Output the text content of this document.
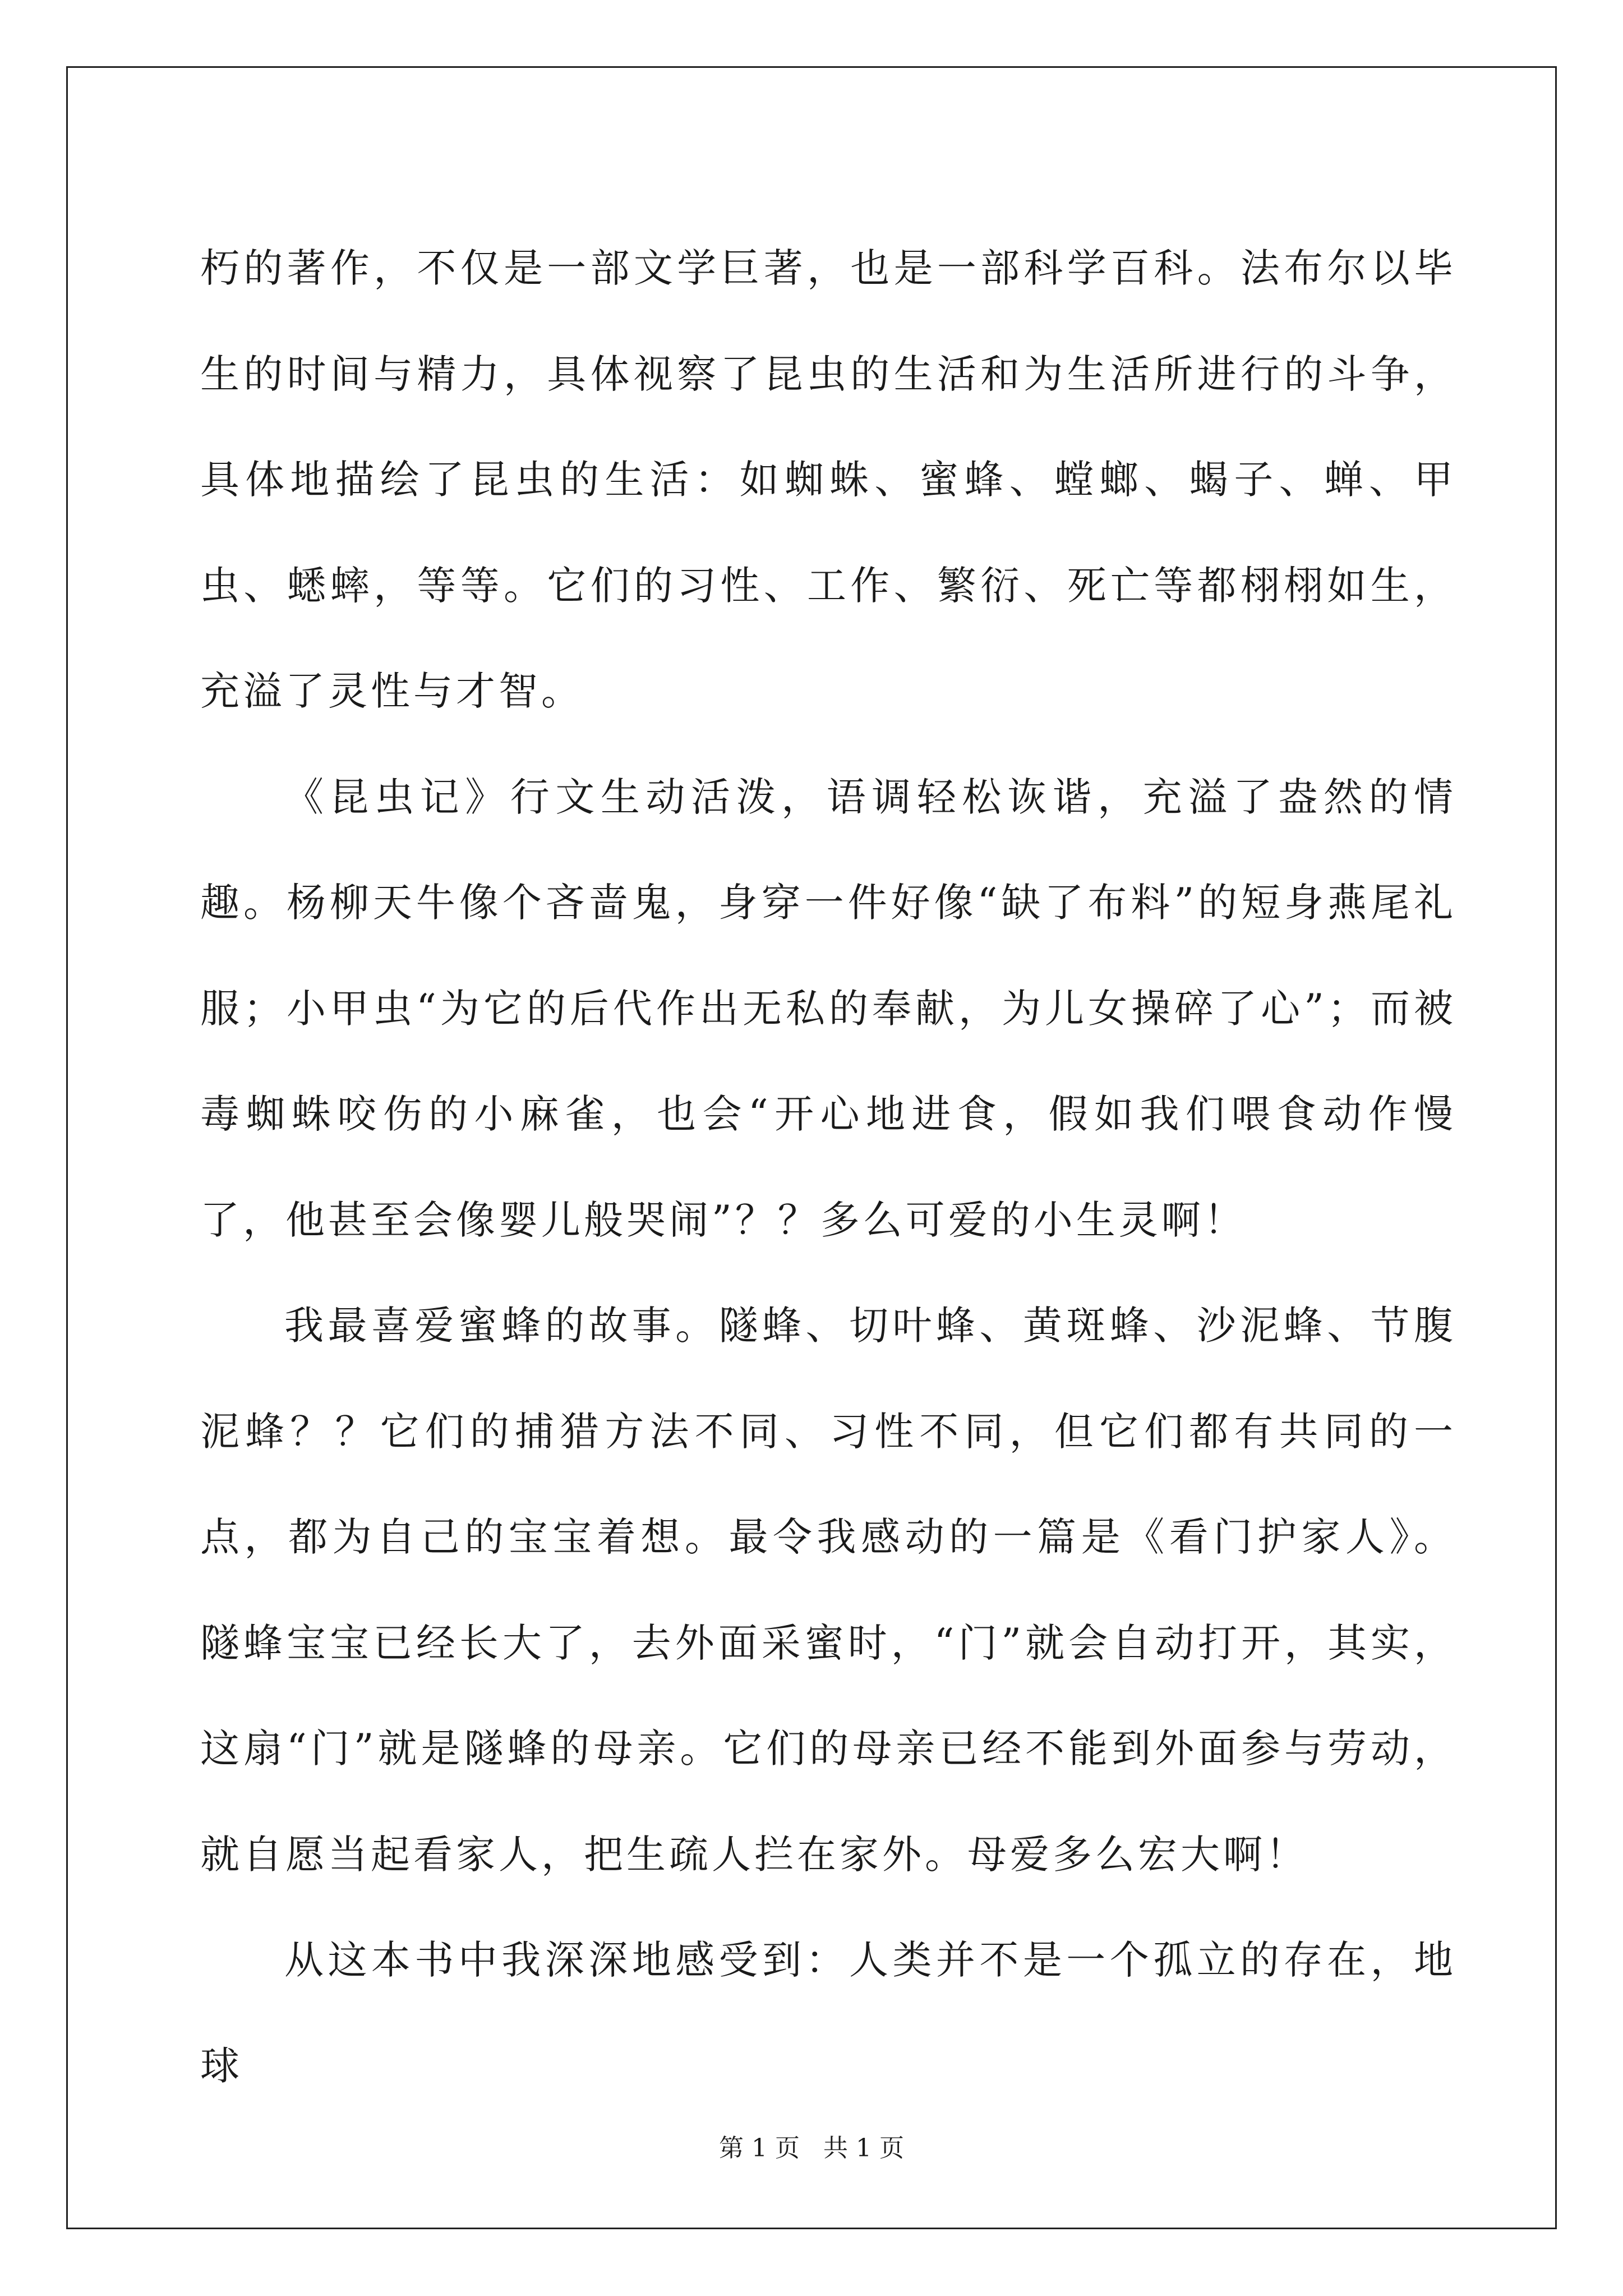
朽的著作，不仅是一部文学巨著，也是一部科学百科。法布尔以毕生的时间与精力，具体视察了昆虫的生活和为生活所进行的斗争，具体地描绘了昆虫的生活：如蜘蛛、蜜蜂、螳螂、蝎子、蝉、甲虫、蟋蟀，等等。它们的习性、工作、繁衍、死亡等都栩栩如生，充溢了灵性与才智。

《昆虫记》行文生动活泼，语调轻松诙谐，充溢了盎然的情趣。杨柳天牛像个吝啬鬼，身穿一件好像“缺了布料”的短身燕尾礼服；小甲虫“为它的后代作出无私的奉献，为儿女操碎了心”；而被毒蜘蛛咬伤的小麻雀，也会“开心地进食，假如我们喂食动作慢了，他甚至会像婴儿般哭闹”？？多么可爱的小生灵啊！

我最喜爱蜜蜂的故事。隧蜂、切叶蜂、黄斑蜂、沙泥蜂、节腹泥蜂？？它们的捕猎方法不同、习性不同，但它们都有共同的一点，都为自己的宝宝着想。最令我感动的一篇是《看门护家人》。隧蜂宝宝已经长大了，去外面采蜜时，“门”就会自动打开，其实，这扇“门”就是隧蜂的母亲。它们的母亲已经不能到外面参与劳动，就自愿当起看家人，把生疏人拦在家外。母爱多么宏大啊！

从这本书中我深深地感受到：人类并不是一个孤立的存在，地球

第 1 页   共 1 页
